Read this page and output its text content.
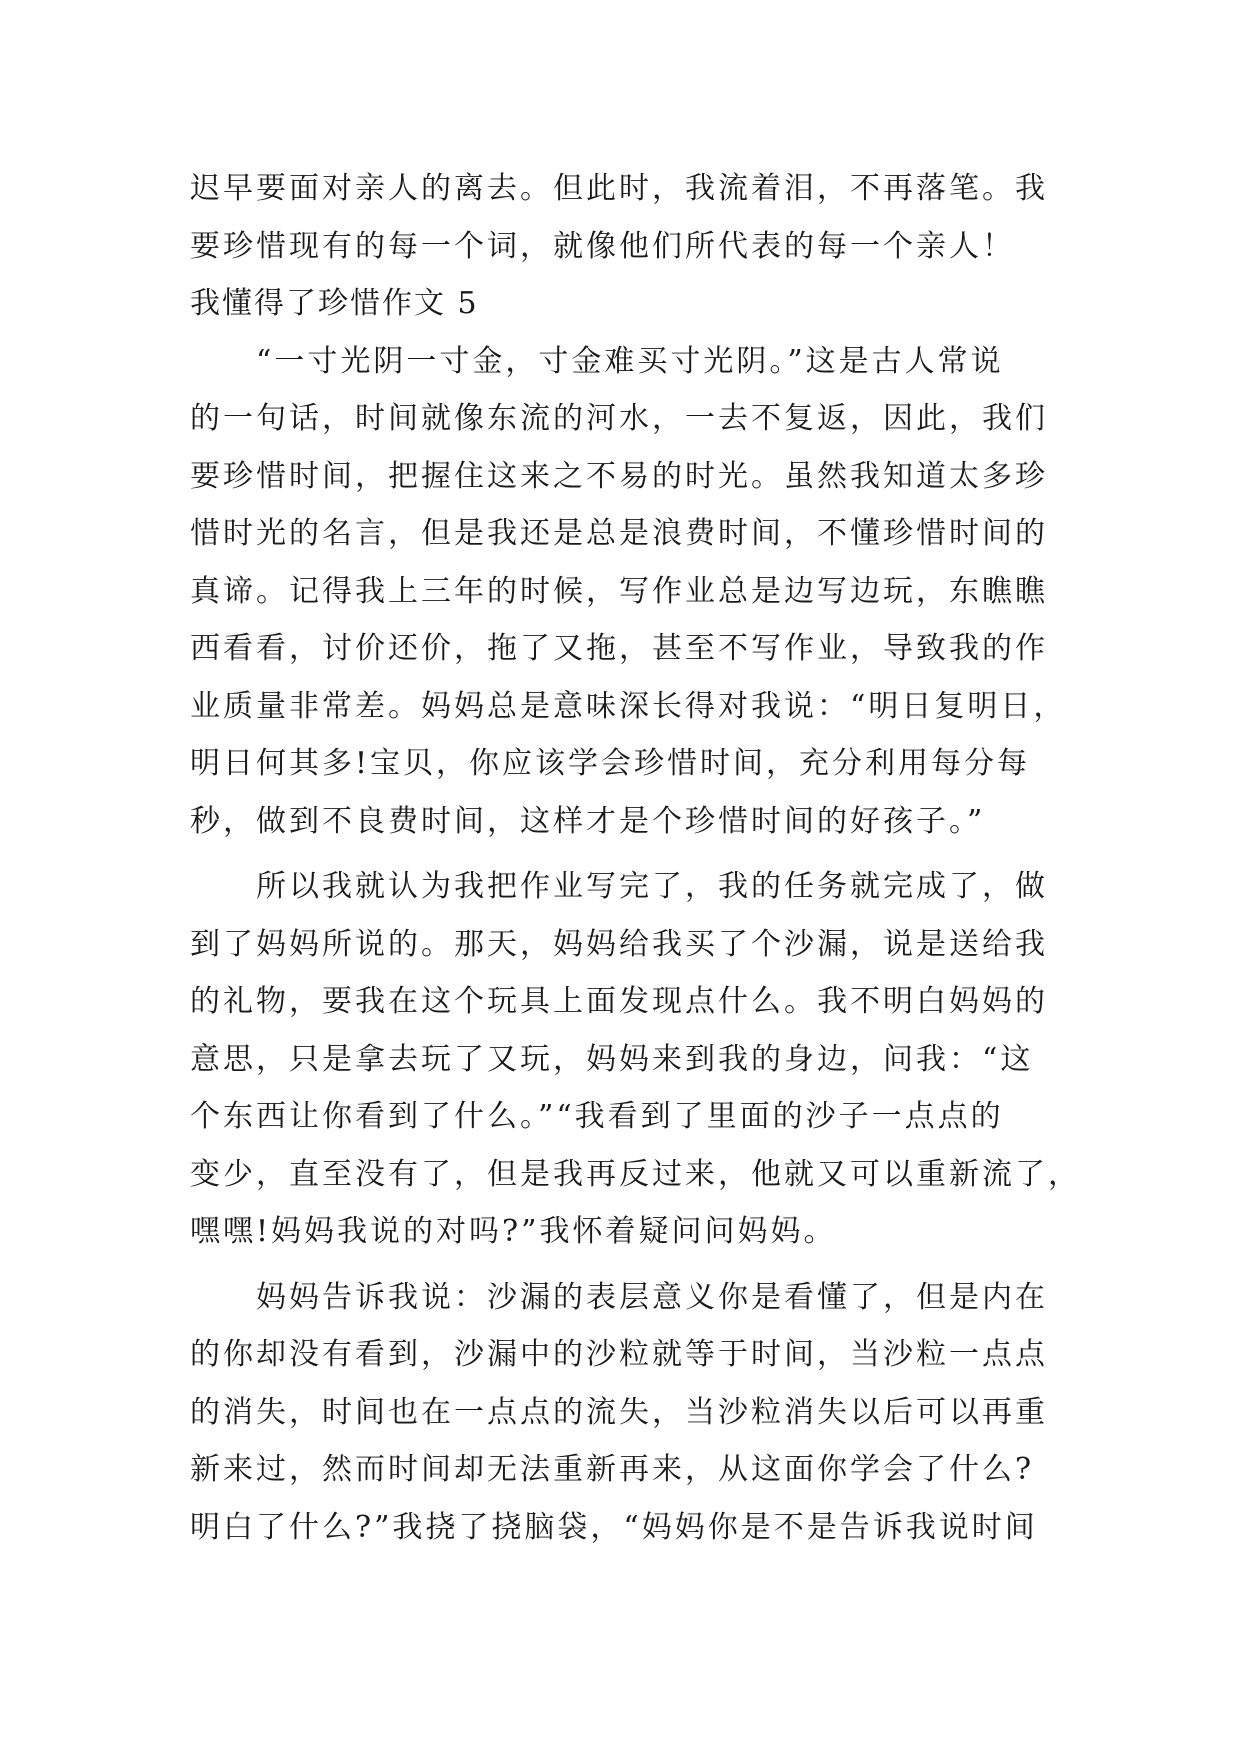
迟早要面对亲人的离去。但此时，我流着泪，不再落笔。我
要珍惜现有的每一个词，就像他们所代表的每一个亲人！
我懂得了珍惜作文 5
　　“一寸光阴一寸金，寸金难买寸光阴。”这是古人常说
的一句话，时间就像东流的河水，一去不复返，因此，我们
要珍惜时间，把握住这来之不易的时光。虽然我知道太多珍
惜时光的名言，但是我还是总是浪费时间，不懂珍惜时间的
真谛。记得我上三年的时候，写作业总是边写边玩，东瞧瞧
西看看，讨价还价，拖了又拖，甚至不写作业，导致我的作
业质量非常差。妈妈总是意味深长得对我说：“明日复明日，
明日何其多!宝贝，你应该学会珍惜时间，充分利用每分每
秒，做到不良费时间，这样才是个珍惜时间的好孩子。”
　　所以我就认为我把作业写完了，我的任务就完成了，做
到了妈妈所说的。那天，妈妈给我买了个沙漏，说是送给我
的礼物，要我在这个玩具上面发现点什么。我不明白妈妈的
意思，只是拿去玩了又玩，妈妈来到我的身边，问我：“这
个东西让你看到了什么。”“我看到了里面的沙子一点点的
变少，直至没有了，但是我再反过来，他就又可以重新流了，
嘿嘿!妈妈我说的对吗?”我怀着疑问问妈妈。
　　妈妈告诉我说：沙漏的表层意义你是看懂了，但是内在
的你却没有看到，沙漏中的沙粒就等于时间，当沙粒一点点
的消失，时间也在一点点的流失，当沙粒消失以后可以再重
新来过，然而时间却无法重新再来，从这面你学会了什么?
明白了什么?”我挠了挠脑袋，“妈妈你是不是告诉我说时间
